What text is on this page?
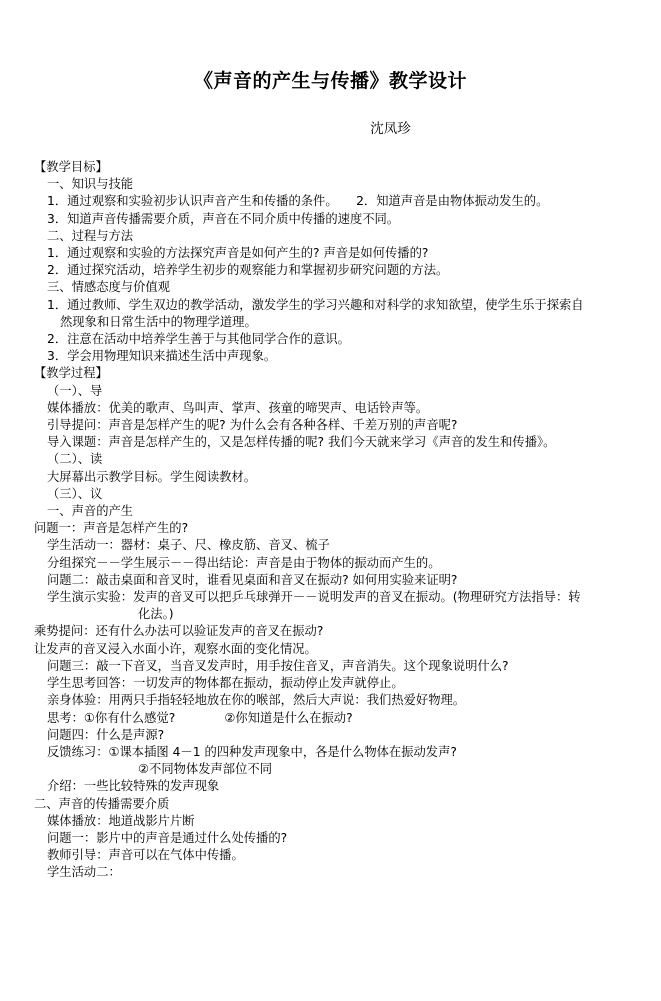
《声音的产生与传播》教学设计
沈凤珍
【教学目标】
一、知识与技能
1．通过观察和实验初步认识声音产生和传播的条件。　　2．知道声音是由物体振动发生的。
3．知道声音传播需要介质，声音在不同介质中传播的速度不同。
二、过程与方法
1．通过观察和实验的方法探究声音是如何产生的? 声音是如何传播的?
2．通过探究活动，培养学生初步的观察能力和掌握初步研究问题的方法。
三、情感态度与价值观
1．通过教师、学生双边的教学活动，激发学生的学习兴趣和对科学的求知欲望，使学生乐于探索自
然现象和日常生活中的物理学道理。
2．注意在活动中培养学生善于与其他同学合作的意识。
3．学会用物理知识来描述生活中声现象。
【教学过程】
（一）、导
媒体播放：优美的歌声、鸟叫声、掌声、孩童的啼哭声、电话铃声等。
引导提问：声音是怎样产生的呢? 为什么会有各种各样、千差万别的声音呢?
导入课题：声音是怎样产生的，又是怎样传播的呢? 我们今天就来学习《声音的发生和传播》。
（二）、读
大屏幕出示教学目标。学生阅读教材。
（三）、议
一、声音的产生
问题一：声音是怎样产生的?
学生活动一：器材：桌子、尺、橡皮筋、音叉、梳子
分组探究－－学生展示－－得出结论：声音是由于物体的振动而产生的。
问题二：敲击桌面和音叉时，谁看见桌面和音叉在振动? 如何用实验来证明?
学生演示实验：发声的音叉可以把乒乓球弹开－－说明发声的音叉在振动。(物理研究方法指导：转
化法。)
乘势提问：还有什么办法可以验证发声的音叉在振动?
让发声的音叉浸入水面小许，观察水面的变化情况。
问题三：敲一下音叉，当音叉发声时，用手按住音叉，声音消失。这个现象说明什么?
学生思考回答：一切发声的物体都在振动，振动停止发声就停止。
亲身体验：用两只手指轻轻地放在你的喉部，然后大声说：我们热爱好物理。
思考：①你有什么感觉?　　　　②你知道是什么在振动?
问题四：什么是声源?
反馈练习：①课本插图 4－1 的四种发声现象中，各是什么物体在振动发声?
②不同物体发声部位不同
介绍：一些比较特殊的发声现象
二、声音的传播需要介质
媒体播放：地道战影片片断
问题一：影片中的声音是通过什么处传播的?
教师引导：声音可以在气体中传播。
学生活动二：
